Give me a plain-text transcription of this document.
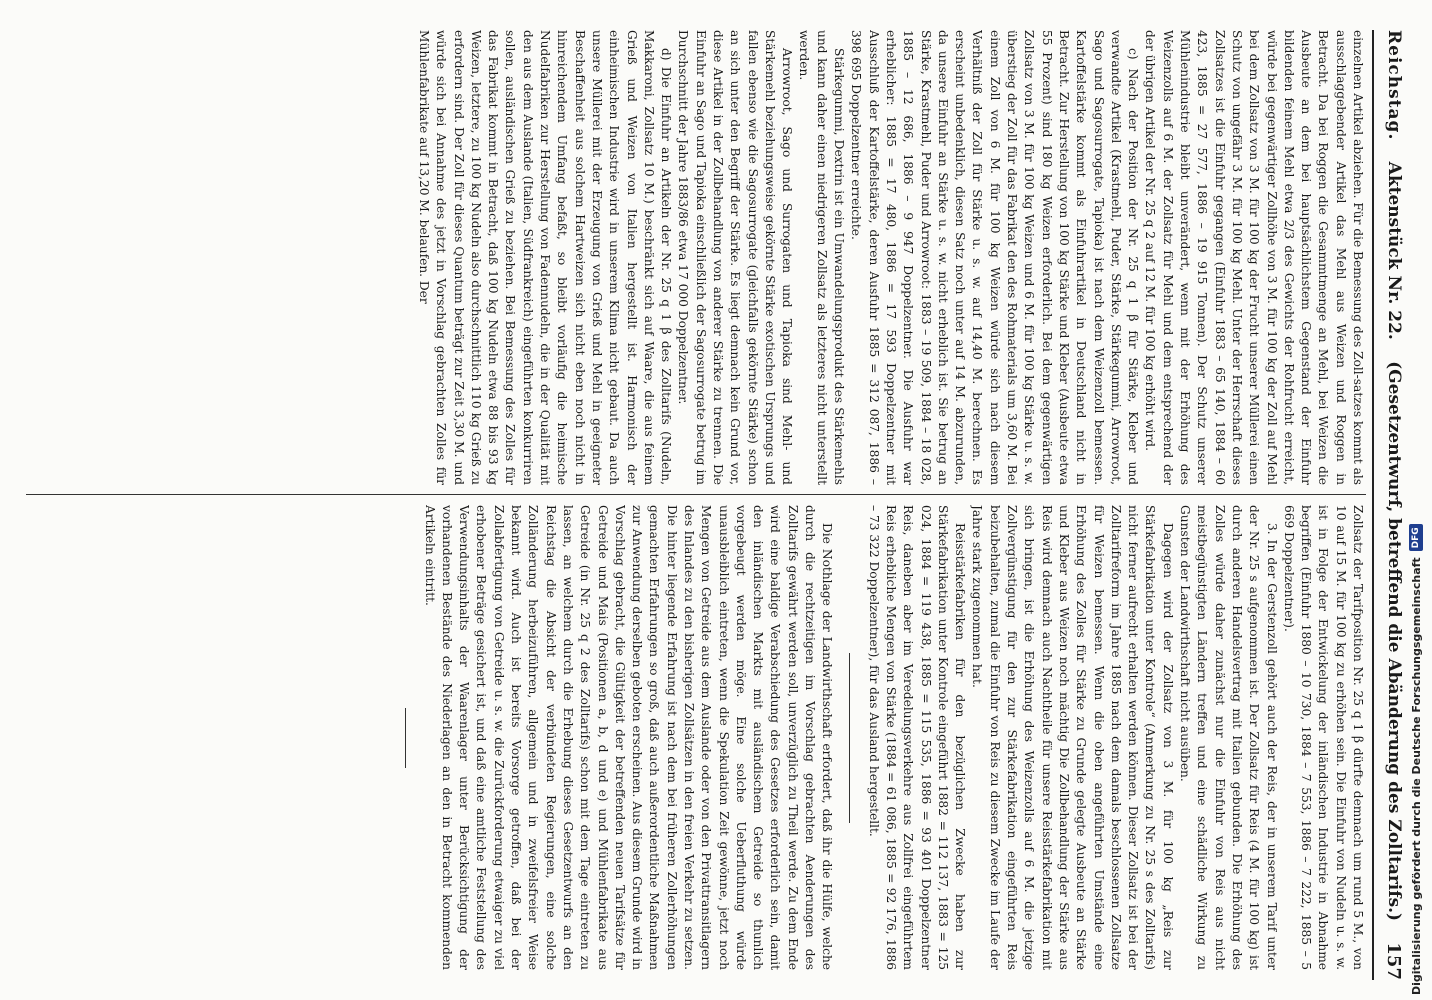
Reichstag.
Aktenstück Nr. 22.
(Gesetzentwurf, betreffend die Abänderung des Zolltarifs.)
157

einzelnen Artikel abziehen. Für die Bemessung des Zoll-satzes kommt als ausschlaggebender Artikel das Mehl aus Weizen und Roggen in Betracht. Da bei Roggen die Gesammtmenge an Mehl, bei Weizen die Ausbeute an dem bei hauptsächlichstem Gegenstand der Einfuhr bildenden feinem Mehl etwa 2/3 des Gewichts der Rohfrucht erreicht, würde bei gegenwärtiger Zollhöhe von 3 M. für 100 kg der Zoll auf Mehl bei dem Zollsatz von 3 M. für 100 kg der Frucht unserer Müllerei einen Schutz von ungefähr 3 M. für 100 kg Mehl. Unter der Herrschaft dieses Zollsatzes ist die Einfuhr gegangen (Einfuhr 1883 – 65 140, 1884 – 60 423, 1885 = 27 577, 1886 – 19 915 Tonnen). Der Schutz unserer Mühlenindustrie bleibt unverändert, wenn mit der Erhöhung des Weizenzolls auf 6 M. der Zollsatz für Mehl und dem entsprechend der der übrigen Artikel der Nr. 25 q 2 auf 12 M. für 100 kg erhöht wird.

c) Nach der Position der Nr. 25 q 1 β für Stärke, Kleber und verwandte Artikel (Krastmehl, Puder, Stärke, Stärkegummi, Arrowroot, Sago und Sagosurrogate, Tapioka) ist nach dem Weizenzoll bemessen. Kartoffelstärke kommt als Einfuhrartikel in Deutschland nicht in Betracht. Zur Herstellung von 100 kg Stärke und Kleber (Ausbeute etwa 55 Prozent) sind 180 kg Weizen erforderlich. Bei dem gegenwärtigen Zollsatz von 3 M. für 100 kg Weizen und 6 M. für 100 kg Stärke u. s. w. überstieg der Zoll für das Fabrikat den des Rohmaterials um 3,60 M. Bei einem Zoll von 6 M. für 100 kg Weizen würde sich nach diesem Verhältniß der Zoll für Stärke u. s. w. auf 14,40 M. berechnen. Es erscheint unbedenklich, diesen Satz noch unter auf 14 M. abzurunden, da unsere Einfuhr an Stärke u. s. w. nicht erheblich ist. Sie betrug an Stärke, Krastmehl, Puder und Arrowroot: 1883 – 19 509, 1884 – 18 028, 1885 – 12 686, 1886 – 9 947 Doppelzentner. Die Ausfuhr war erheblicher: 1885 = 17 480, 1886 = 17 593 Doppelzentner mit Ausschluß der Kartoffelstärke, deren Ausfuhr 1885 = 312 087, 1886 – 398 695 Doppelzentner erreichte.

Stärkegummi, Dextrin ist ein Umwandelungsprodukt des Stärkemehls und kann daher einen niedrigeren Zollsatz als letzteres nicht unterstellt werden.

Arrowroot, Sago und Surrogaten und Tapioka sind Mehl- und Stärkemehl beziehungsweise gekörnte Stärke exotischen Ursprungs und fallen ebenso wie die Sagosurrogate (gleichfalls gekörnte Stärke) schon an sich unter den Begriff der Stärke. Es liegt demnach kein Grund vor, diese Artikel in der Zollbehandlung von anderer Stärke zu trennen. Die Einfuhr an Sago und Tapioka einschließlich der Sagosurrogate betrug im Durchschnitt der Jahre 1883/86 etwa 17 000 Doppelzentner.

d) Die Einfuhr an Artikeln der Nr. 25 q 1 β des Zolltarifs (Nudeln, Makkaroni, Zollsatz 10 M.) beschränkt sich auf Waare, die aus feinem Grieß und Weizen von Italien hergestellt ist. Harmonisch der einheimischen Industrie wird in unserem Klima nicht gebaut. Da auch unsere Müllerei mit der Erzeugung von Grieß und Mehl in geeigneter Beschaffenheit aus solchem Hartweizen sich nicht eben noch nicht in hinreichendem Umfang befaßt, so bleibt vorläufig die heimische Nudelfabriken zur Herstellung von Fadennudeln, die in der Qualität mit den aus dem Auslande (Italien, Südfrankreich) eingeführten konkurriren sollen, ausländischen Grieß zu beziehen. Bei Bemessung des Zolles für das Fabrikat kommt in Betracht, daß 100 kg Nudeln etwa 88 bis 93 kg Weizen, letztere, zu 100 kg Nudeln also durchschnittlich 110 kg Grieß zu erfordern sind. Der Zoll für dieses Quantum beträgt zur Zeit 3,30 M. und würde sich bei Annahme des jetzt in Vorschlag gebrachten Zolles für Mühlenfabrikate auf 13,20 M. belaufen. Der

Zollsatz der Tarifposition Nr. 25 q 1 β dürfte demnach um rund 5 M., von 10 auf 15 M. für 100 kg zu erhöhen sein. Die Einfuhr von Nudeln u. s. w. ist in Folge der Entwickelung der inländischen Industrie in Abnahme begriffen (Einfuhr 1880 – 10 730, 1884 – 7 553, 1886 – 7 222, 1885 – 5 669 Doppelzentner).

3. In der Gerstenzoll gehört auch der Reis, der in unserem Tarif unter der Nr. 25 s aufgenommen ist. Der Zollsatz für Reis (4 M. für 100 kg) ist durch anderen Handelsvertrag mit Italien gebunden. Die Erhöhung des Zolles würde daher zunächst nur die Einfuhr von Reis aus nicht meistbegünstigten Ländern treffen und eine schädliche Wirkung zu Gunsten der Landwirthschaft nicht ausüben.

Dagegen wird der Zollsatz von 3 M. für 100 kg „Reis zur Stärkefabrikation unter Kontrole“ (Anmerkung zu Nr. 25 s des Zolltarifs) nicht ferner aufrecht erhalten werden können. Dieser Zollsatz ist bei der Zolltarifreform im Jahre 1885 nach dem damals beschlossenen Zollsatze für Weizen bemessen. Wenn die oben angeführten Umstände eine Erhöhung des Zolles für Stärke zu Grunde gelegte Ausbeute an Stärke und Kleber aus Weizen noch mächtig Die Zollbehandlung der Stärke aus Reis wird demnach auch Nachtheile für unsere Reisstärkefabrikation mit sich bringen, ist die Erhöhung des Weizenzolls auf 6 M. die jetzige Zollvergünstigung für den zur Stärkefabrikation eingeführten Reis beizubehalten, zumal die Einfuhr von Reis zu diesem Zwecke im Laufe der Jahre stark zugenommen hat.

Reisstärkefabriken für den bezüglichen Zwecke haben zur Stärkefabrikation unter Kontrole eingeführt 1882 = 112 137, 1883 = 125 024, 1884 = 119 438, 1885 = 115 535, 1886 = 93 401 Doppelzentner Reis, daneben aber im Veredelungsverkehre aus Zollfrei eingeführtem Reis erhebliche Mengen von Stärke (1884 = 61 086, 1885 = 92 176, 1886 – 73 322 Doppelzentner), für das Ausland hergestellt.

Die Nothlage der Landwirthschaft erfordert, daß ihr die Hülfe, welche durch die rechtzeitigen im Vorschlag gebrachten Aenderungen des Zolltarifs gewährt werden soll, unverzüglich zu Theil werde. Zu dem Ende wird eine baldige Verabschiedung des Gesetzes erforderlich sein, damit den inländischen Markts mit ausländischem Getreide so thunlich vorgebeugt werden möge. Eine solche Ueberfluthung würde unausbleiblich eintreten, wenn die Spekulation Zeit gewönne, jetzt noch Mengen von Getreide aus dem Auslande oder von den Privattransitlagern des Inlandes zu den bisherigen Zollsätzen in den freien Verkehr zu setzen. Die hinter liegende Erfahrung ist nach dem bei früheren Zollerhöhungen gemachten Erfahrungen so groß, daß auch außerordentliche Maßnahmen zur Anwendung derselben geboten erscheinen. Aus diesem Grunde wird in Vorschlag gebracht, die Gültigkeit der betreffenden neuen Tarifsätze für Getreide und Mais (Positionen a, b, d und e) und Mühlenfabrikate aus Getreide (in Nr. 25 q 2 des Zolltarifs) schon mit dem Tage eintreten zu lassen, an welchem durch die Erhebung dieses Gesetzentwurfs an den Reichstag die Absicht der verbündeten Regierungen, eine solche Zolländerung herbeizuführen, allgemein und in zweifelsfreier Weise bekannt wird. Auch ist bereits Vorsorge getroffen, daß bei der Zollabfertigung von Getreide u. s. w. die Zurückforderung etwaiger zu viel erhobener Beträge gesichert ist, und daß eine amtliche Feststellung des Verwendungsinhalts der Waarenlager unter Berücksichtigung der vorhandenen Bestände des Niederlagen an den in Betracht kommenden Artikeln eintritt.

Digitalisierung gefördert durch die Deutsche Forschungsgemeinschaft
DFG
